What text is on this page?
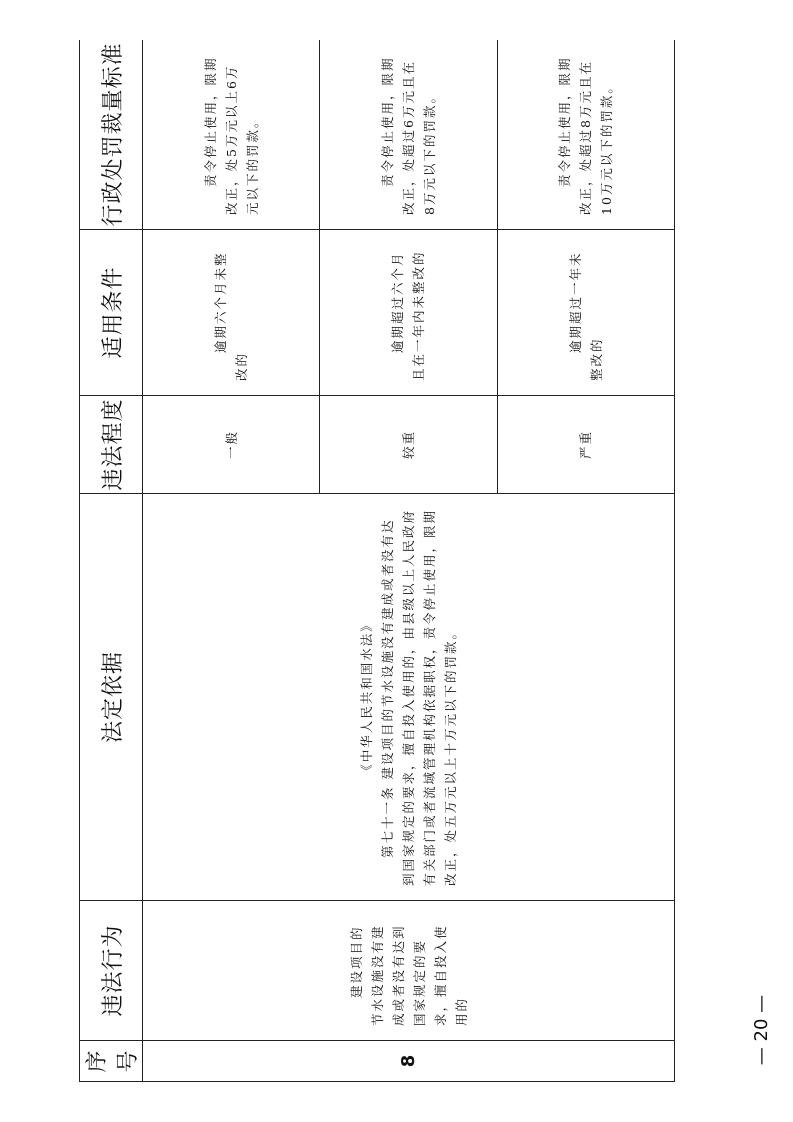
序号	违法行为	法定依据	违法程度	适用条件	行政处罚裁量标准
8	建设项目的节水设施没有建成或者没有达到国家规定的要求，擅自投入使用的	《中华人民共和国水法》 第七十一条 建设项目的节水设施没有建成或者没有达到国家规定的要求，擅自投入使用的，由县级以上人民政府有关部门或者流域管理机构依据职权，责令停止使用，限期改正，处五万元以上十万元以下的罚款。	一般	逾期六个月未整改的	责令停止使用，限期改正，处5万元以上6万元以下的罚款。

			较重	逾期超过六个月且在一年内未整改的	责令停止使用，限期改正，处超过6万元且在8万元以下的罚款。

			严重	逾期超过一年未整改的	责令停止使用，限期改正，处超过8万元且在10万元以下的罚款。
— 20 —
